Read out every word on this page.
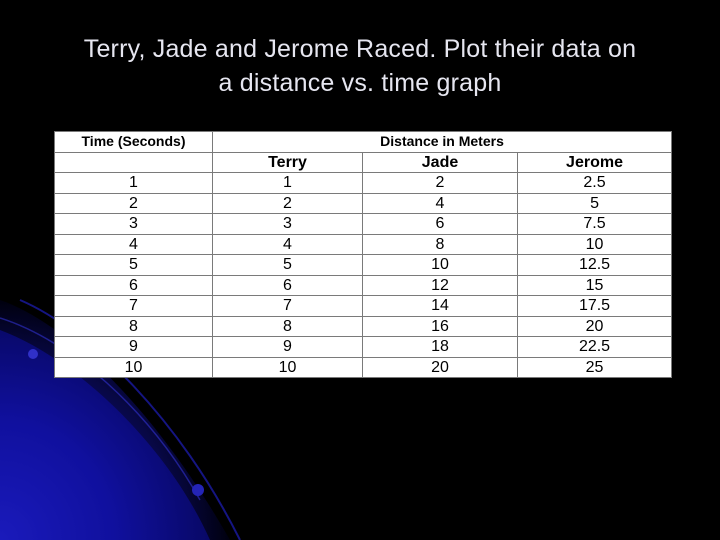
Terry, Jade and Jerome Raced. Plot their data on
a distance vs. time graph
Time (Seconds)	Distance in Meters		
	Terry	Jade	Jerome
1	1	2	2.5
2	2	4	5
3	3	6	7.5
4	4	8	10
5	5	10	12.5
6	6	12	15
7	7	14	17.5
8	8	16	20
9	9	18	22.5
10	10	20	25
